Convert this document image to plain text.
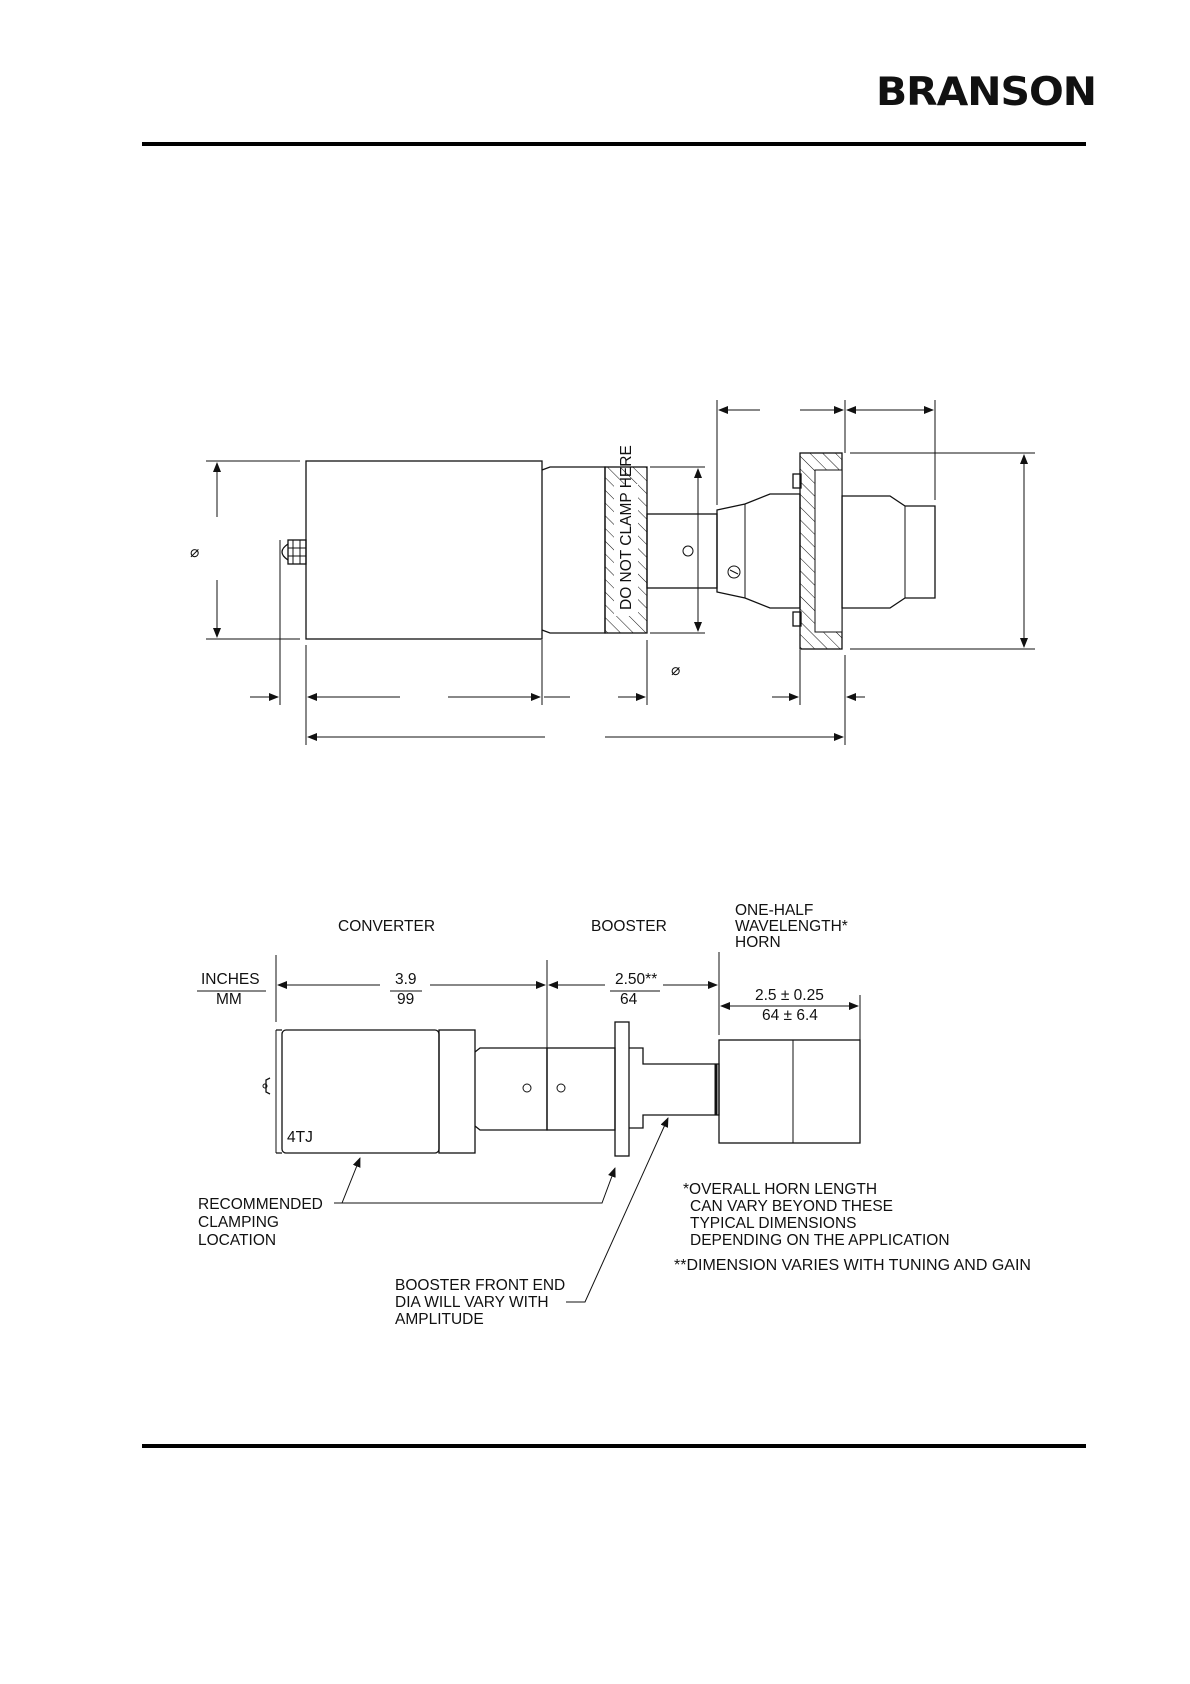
BRANSON
DO NOT CLAMP HERE
⌀
⌀
CONVERTER	BOOSTER
ONE-HALF
WAVELENGTH*
HORN
INCHES
MM
3.9
99
2.50**
64	2.5 ± 0.25
64 ± 6.4
4TJ
RECOMMENDED
CLAMPING
LOCATION
BOOSTER FRONT END
DIA WILL VARY WITH
AMPLITUDE
*OVERALL HORN LENGTH
CAN VARY BEYOND THESE
TYPICAL DIMENSIONS
DEPENDING ON THE APPLICATION
**DIMENSION VARIES WITH TUNING AND GAIN
